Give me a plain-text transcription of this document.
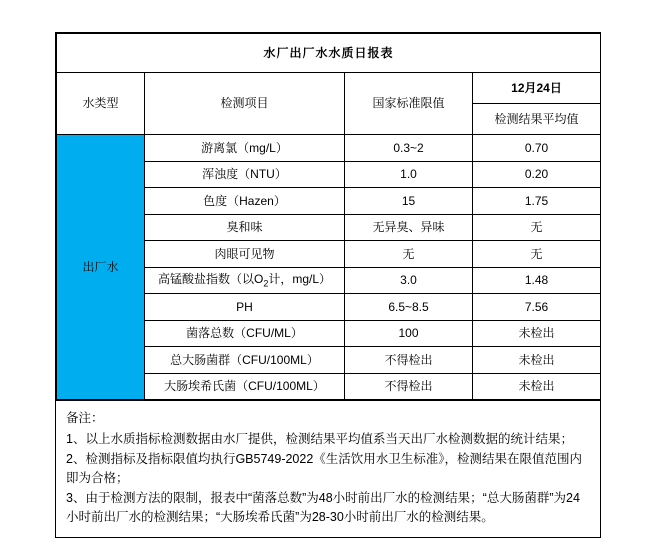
水厂出厂水水质日报表			
水类型	检测项目	国家标准限值	12月24日
			检测结果平均值
出厂水	游离氯（mg/L）	0.3~2	0.70
	浑浊度（NTU）	1.0	0.20
	色度（Hazen）	15	1.75
	臭和味	无异臭、异味	无
	肉眼可见物	无	无
	高锰酸盐指数（以$O_2$计，mg/L）	3.0	1.48
	PH	6.5~8.5	7.56
	菌落总数（CFU/ML）	100	未检出
	总大肠菌群（CFU/100ML）	不得检出	未检出
	大肠埃希氏菌（CFU/100ML）	不得检出	未检出

备注：

1、以上水质指标检测数据由水厂提供，检测结果平均值系当天出厂水检测数据的统计结果；

2、检测指标及指标限值均执行GB5749-2022《生活饮用水卫生标准》，检测结果在限值范围内即为合格；

3、由于检测方法的限制，报表中“菌落总数”为48小时前出厂水的检测结果；“总大肠菌群”为24小时前出厂水的检测结果；“大肠埃希氏菌”为28-30小时前出厂水的检测结果。
